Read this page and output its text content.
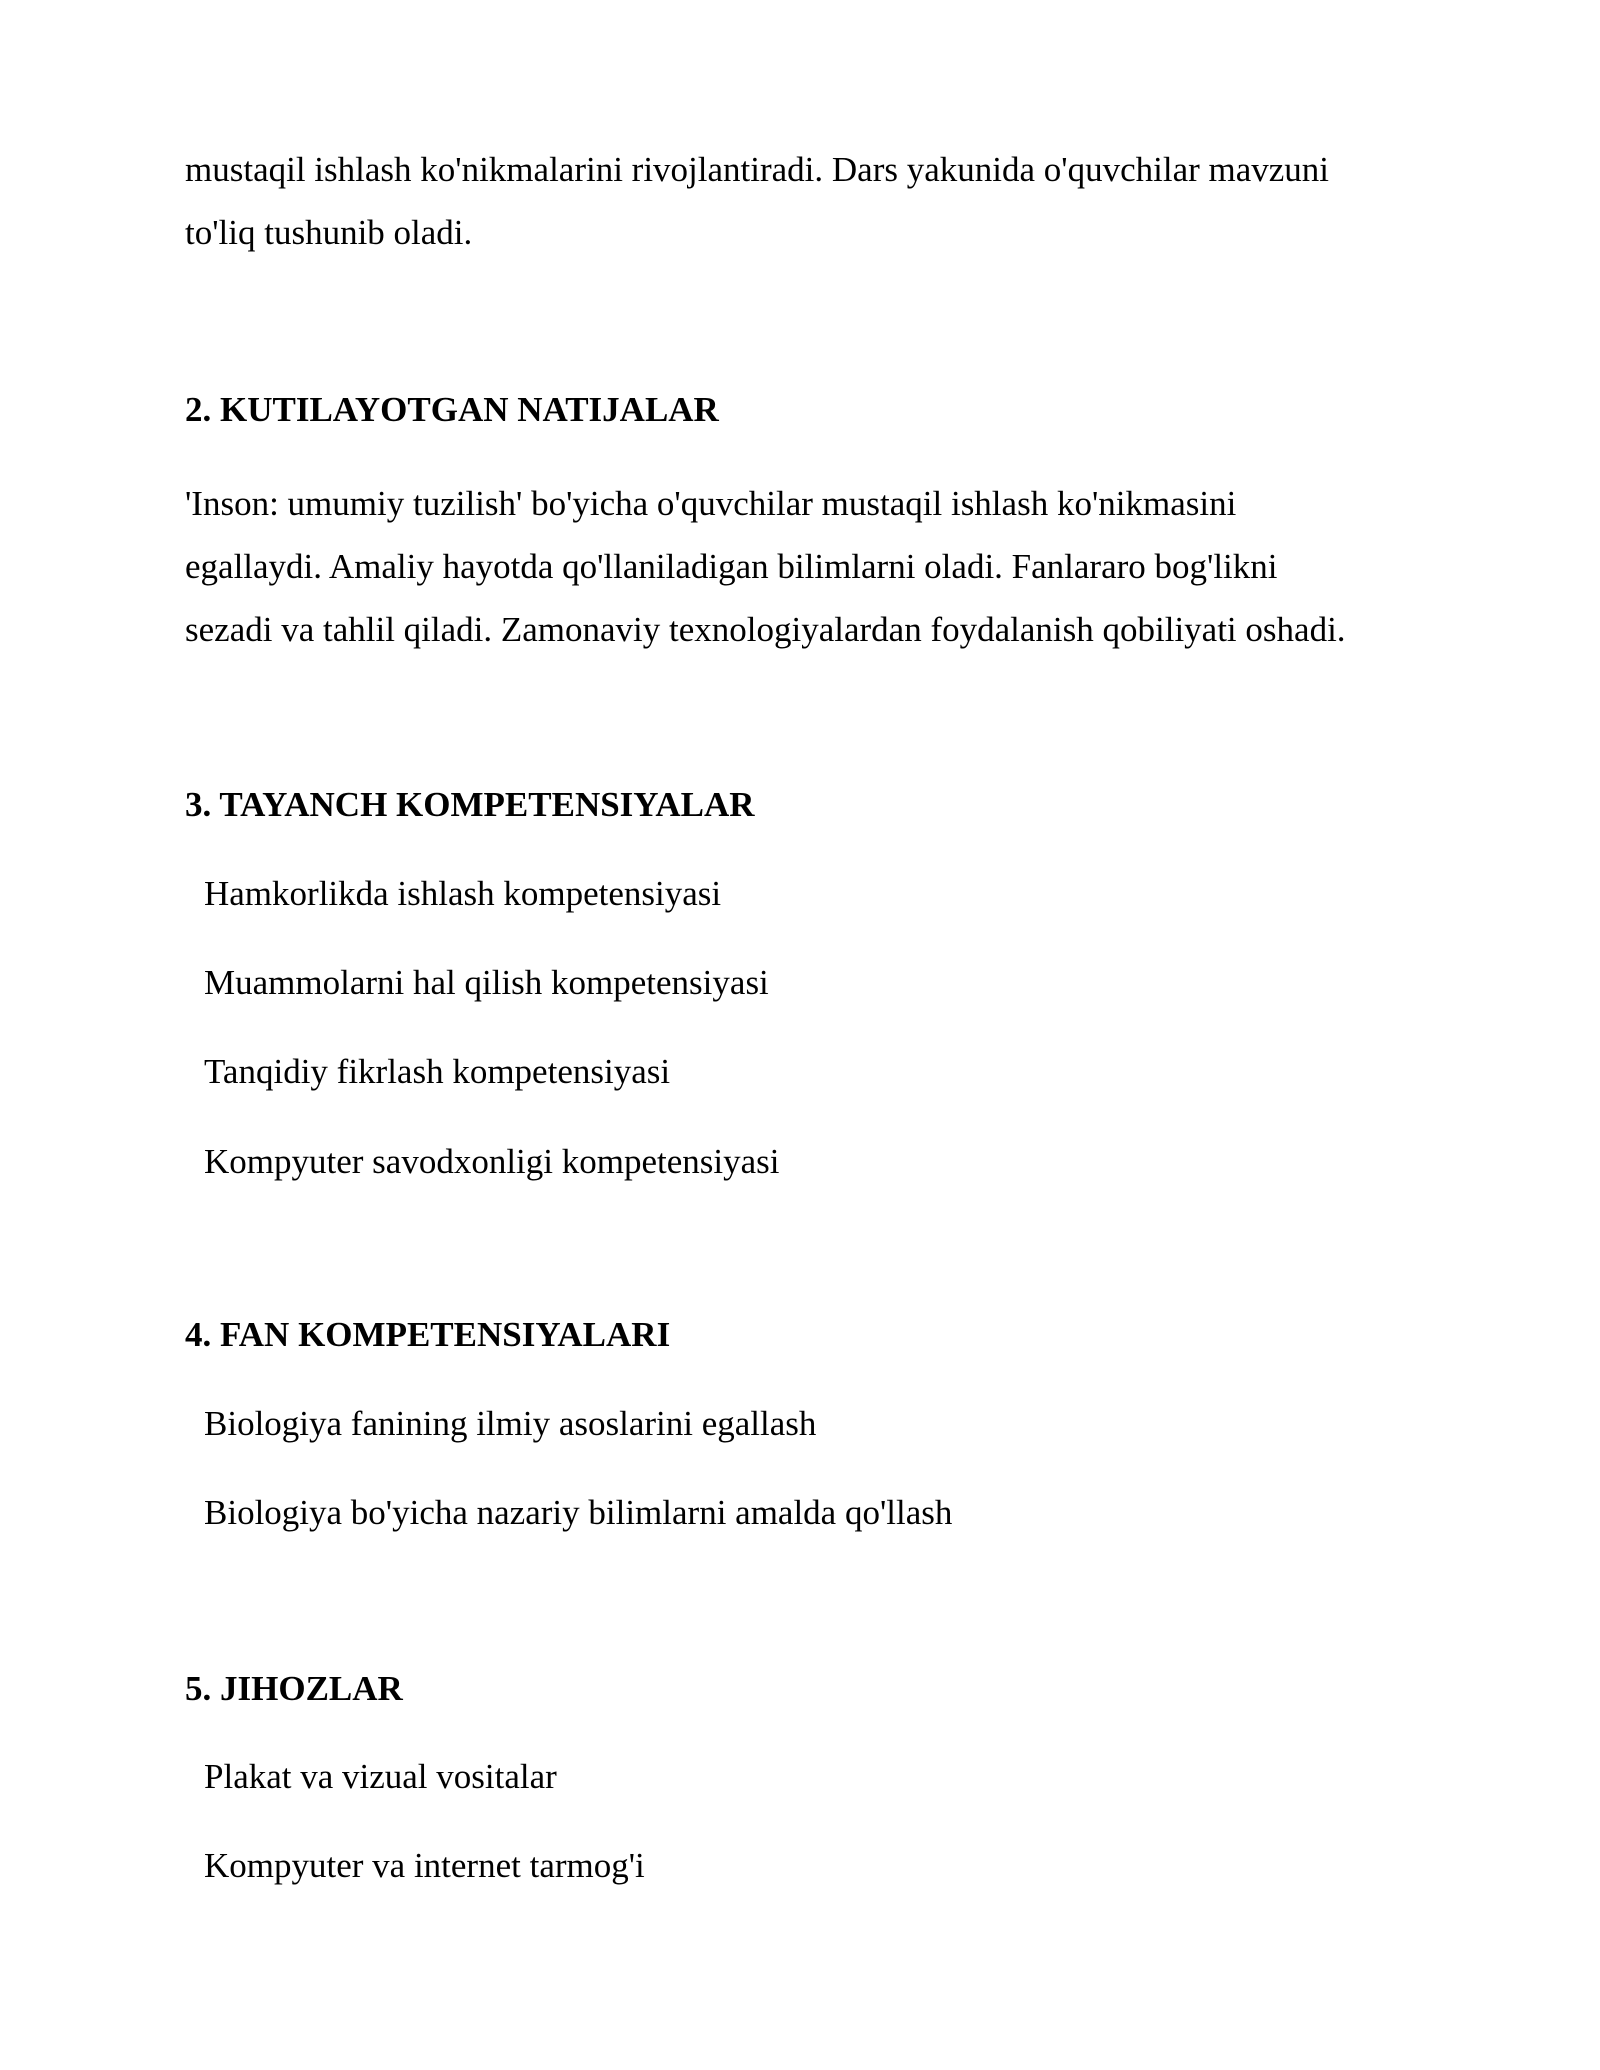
mustaqil ishlash ko'nikmalarini rivojlantiradi. Dars yakunida o'quvchilar mavzuni
to'liq tushunib oladi.

2. KUTILAYOTGAN NATIJALAR

'Inson: umumiy tuzilish' bo'yicha o'quvchilar mustaqil ishlash ko'nikmasini
egallaydi. Amaliy hayotda qo'llaniladigan bilimlarni oladi. Fanlararo bog'likni
sezadi va tahlil qiladi. Zamonaviy texnologiyalardan foydalanish qobiliyati oshadi.

3. TAYANCH KOMPETENSIYALAR

Hamkorlikda ishlash kompetensiyasi

Muammolarni hal qilish kompetensiyasi

Tanqidiy fikrlash kompetensiyasi

Kompyuter savodxonligi kompetensiyasi

4. FAN KOMPETENSIYALARI

Biologiya fanining ilmiy asoslarini egallash

Biologiya bo'yicha nazariy bilimlarni amalda qo'llash

5. JIHOZLAR

Plakat va vizual vositalar

Kompyuter va internet tarmog'i
